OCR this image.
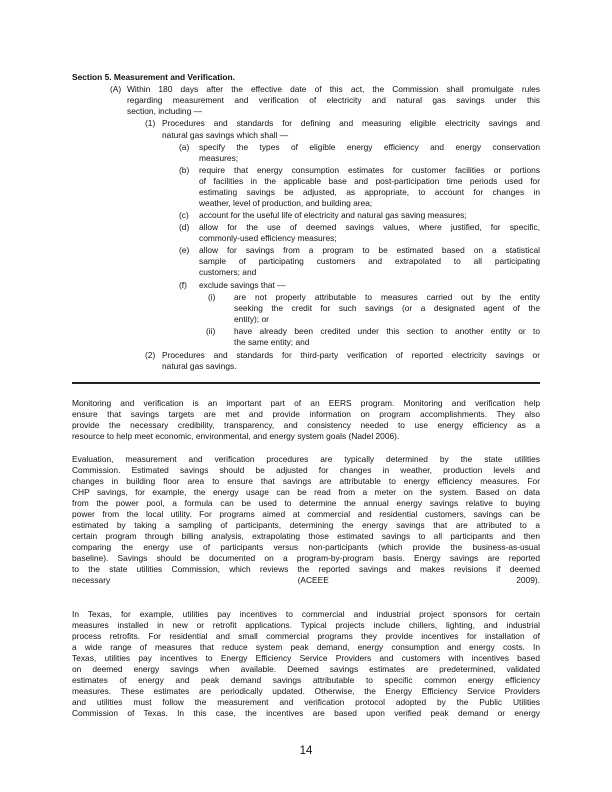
Section 5. Measurement and Verification.
(A) Within 180 days after the effective date of this act, the Commission shall promulgate rules
regarding measurement and verification of electricity and natural gas savings under this
section, including —
(1) Procedures and standards for defining and measuring eligible electricity savings and
natural gas savings which shall —
(a) specify the types of eligible energy efficiency and energy conservation
measures;
(b) require that energy consumption estimates for customer facilities or portions
of facilities in the applicable base and post-participation time periods used for
estimating savings be adjusted, as appropriate, to account for changes in
weather, level of production, and building area;
(c) account for the useful life of electricity and natural gas saving measures;
(d) allow for the use of deemed savings values, where justified, for specific,
commonly-used efficiency measures;
(e) allow for savings from a program to be estimated based on a statistical
sample of participating customers and extrapolated to all participating
customers; and
(f) exclude savings that —
(i) are not properly attributable to measures carried out by the entity
seeking the credit for such savings (or a designated agent of the
entity); or
(ii) have already been credited under this section to another entity or to
the same entity; and
(2) Procedures and standards for third-party verification of reported electricity savings or
natural gas savings.
Monitoring and verification is an important part of an EERS program. Monitoring and verification help
ensure that savings targets are met and provide information on program accomplishments. They also
provide the necessary credibility, transparency, and consistency needed to use energy efficiency as a
resource to help meet economic, environmental, and energy system goals (Nadel 2006).
Evaluation, measurement and verification procedures are typically determined by the state utilities
Commission. Estimated savings should be adjusted for changes in weather, production levels and
changes in building floor area to ensure that savings are attributable to energy efficiency measures. For
CHP savings, for example, the energy usage can be read from a meter on the system. Based on data
from the power pool, a formula can be used to determine the annual energy savings relative to buying
power from the local utility. For programs aimed at commercial and residential customers, savings can be
estimated by taking a sampling of participants, determining the energy savings that are attributed to a
certain program through billing analysis, extrapolating those estimated savings to all participants and then
comparing the energy use of participants versus non-participants (which provide the business-as-usual
baseline). Savings should be documented on a program-by-program basis. Energy savings are reported
to the state utilities Commission, which reviews the reported savings and makes revisions if deemed
necessary (ACEEE 2009).
In Texas, for example, utilities pay incentives to commercial and industrial project sponsors for certain
measures installed in new or retrofit applications. Typical projects include chillers, lighting, and industrial
process retrofits. For residential and small commercial programs they provide incentives for installation of
a wide range of measures that reduce system peak demand, energy consumption and energy costs. In
Texas, utilities pay incentives to Energy Efficiency Service Providers and customers with incentives based
on deemed energy savings when available. Deemed savings estimates are predetermined, validated
estimates of energy and peak demand savings attributable to specific common energy efficiency
measures. These estimates are periodically updated. Otherwise, the Energy Efficiency Service Providers
and utilities must follow the measurement and verification protocol adopted by the Public Utilities
Commission of Texas. In this case, the incentives are based upon verified peak demand or energy
14
